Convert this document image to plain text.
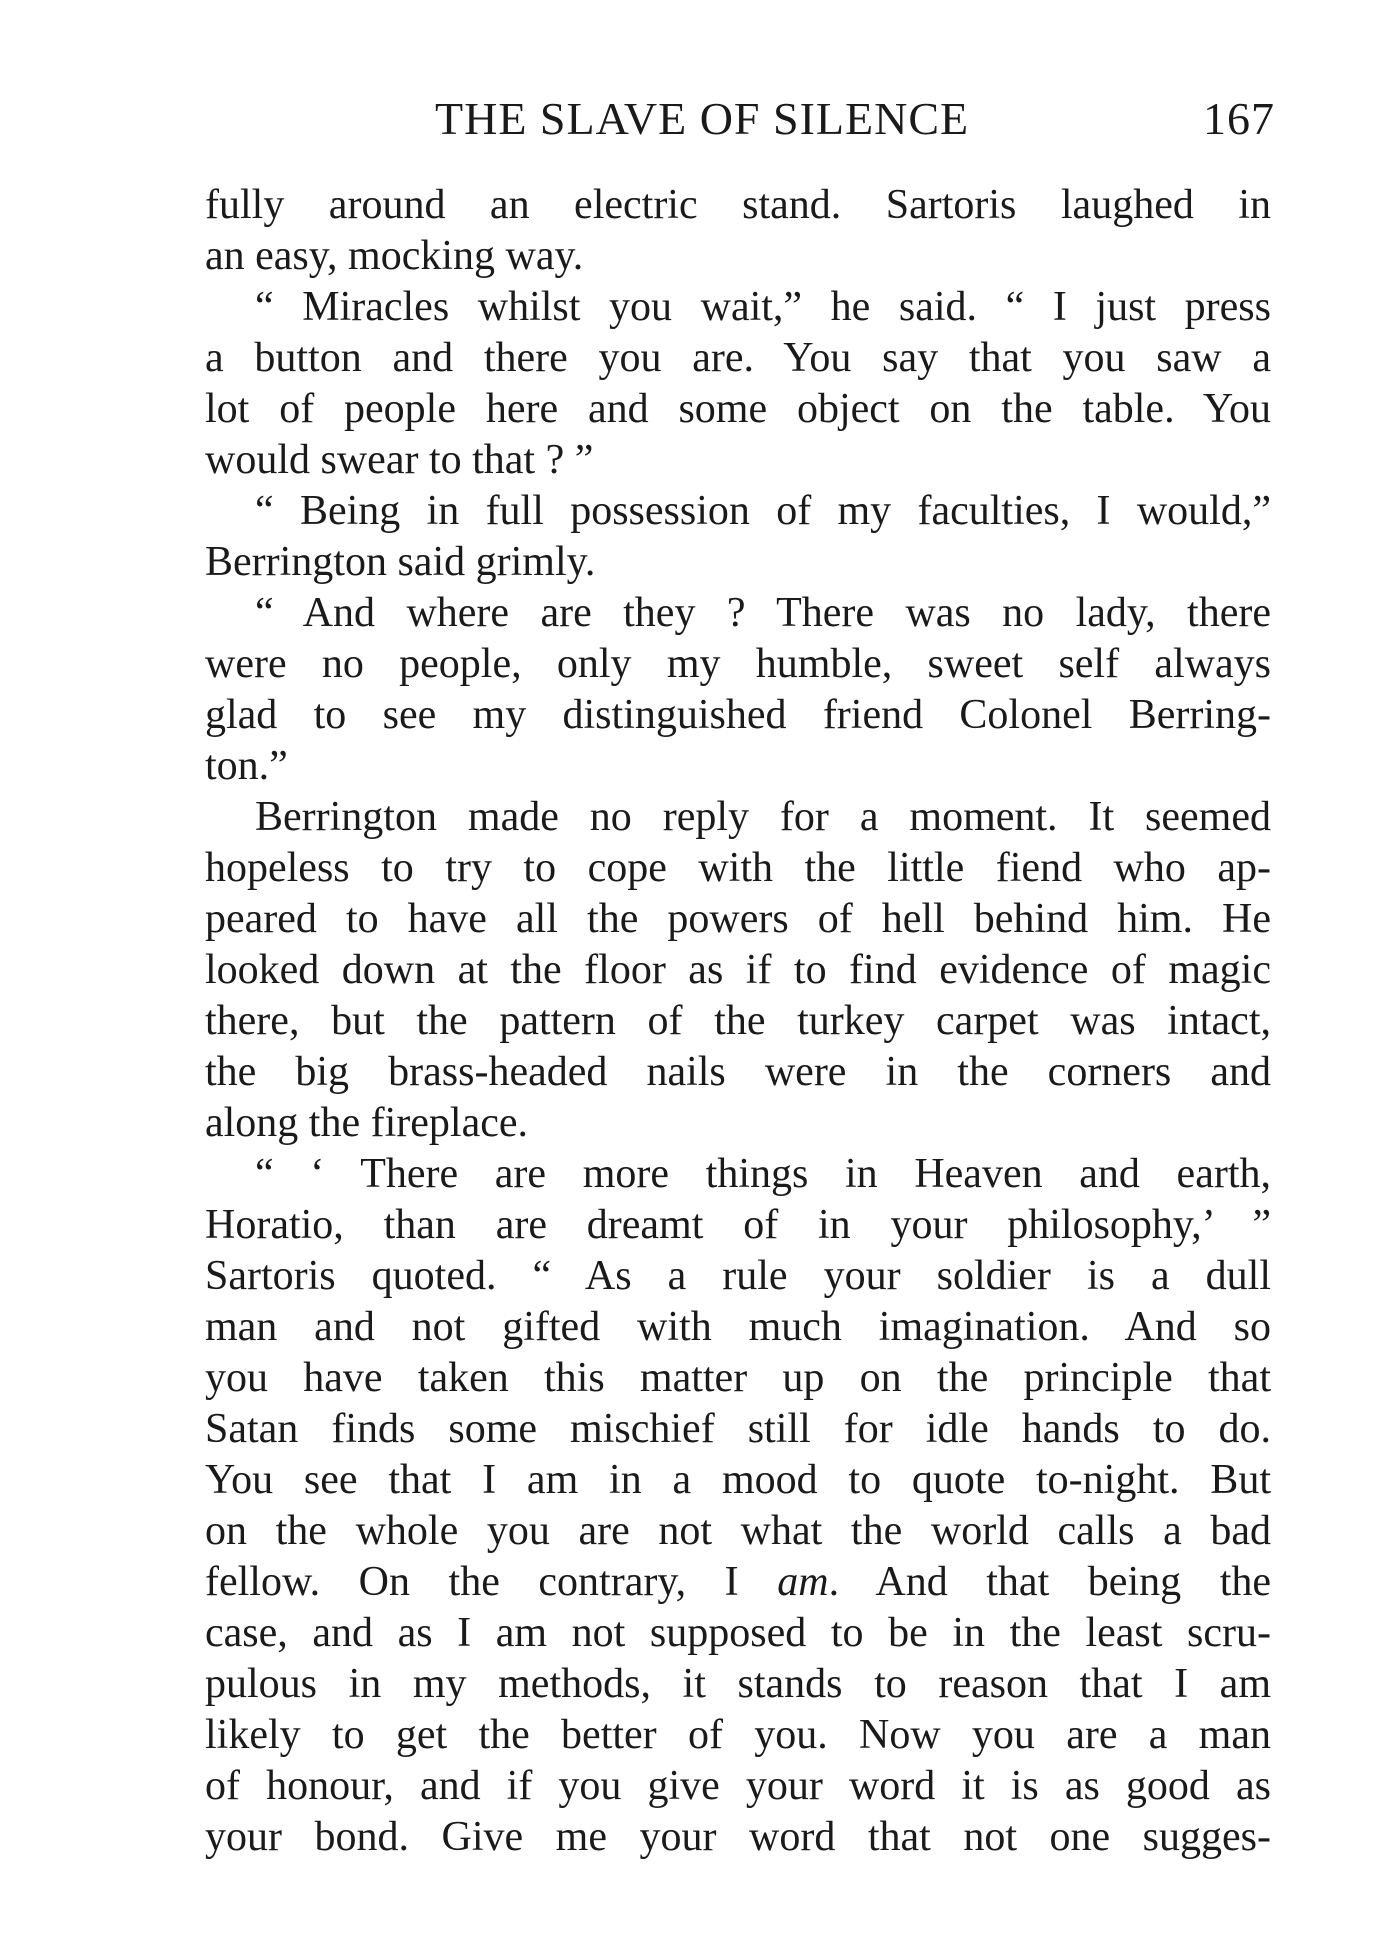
THE SLAVE OF SILENCE	167
fully around an electric stand. Sartoris laughed in
an easy, mocking way.
“ Miracles whilst you wait,” he said. “ I just press
a button and there you are. You say that you saw a
lot of people here and some object on the table. You
would swear to that ? ”
“ Being in full possession of my faculties, I would,”
Berrington said grimly.
“ And where are they ? There was no lady, there
were no people, only my humble, sweet self always
glad to see my distinguished friend Colonel Berring-
ton.”
Berrington made no reply for a moment. It seemed
hopeless to try to cope with the little fiend who ap-
peared to have all the powers of hell behind him. He
looked down at the floor as if to find evidence of magic
there, but the pattern of the turkey carpet was intact,
the big brass-headed nails were in the corners and
along the fireplace.
“ ‘ There are more things in Heaven and earth,
Horatio, than are dreamt of in your philosophy,’ ”
Sartoris quoted. “ As a rule your soldier is a dull
man and not gifted with much imagination. And so
you have taken this matter up on the principle that
Satan finds some mischief still for idle hands to do.
You see that I am in a mood to quote to-night. But
on the whole you are not what the world calls a bad
fellow. On the contrary, I am. And that being the
case, and as I am not supposed to be in the least scru-
pulous in my methods, it stands to reason that I am
likely to get the better of you. Now you are a man
of honour, and if you give your word it is as good as
your bond. Give me your word that not one sugges-
